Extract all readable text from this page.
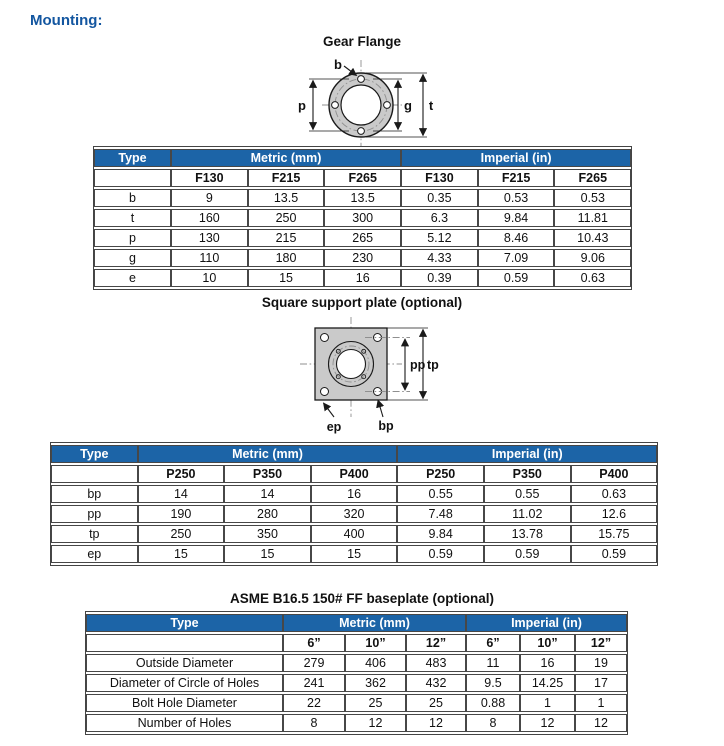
Mounting:
Gear Flange
b
p	g t
Type	Metric (mm)			Imperial (in)		
	F130	F215	F265	F130	F215	F265
b	9	13.5	13.5	0.35	0.53	0.53
t	160	250	300	6.3	9.84	11.81
p	130	215	265	5.12	8.46	10.43
g	110	180	230	4.33	7.09	9.06
e	10	15	16	0.39	0.59	0.63
Square support plate (optional)
pp tp
ep	bp
Type	Metric (mm)			Imperial (in)		
	P250	P350	P400	P250	P350	P400
bp	14	14	16	0.55	0.55	0.63
pp	190	280	320	7.48	11.02	12.6
tp	250	350	400	9.84	13.78	15.75
ep	15	15	15	0.59	0.59	0.59
ASME B16.5 150# FF baseplate (optional)
Type	Metric (mm)			Imperial (in)		
	6”	10”	12”	6”	10”	12”
Outside Diameter	279	406	483	11	16	19
Diameter of Circle of Holes	241	362	432	9.5	14.25	17
Bolt Hole Diameter	22	25	25	0.88	1	1
Number of Holes	8	12	12	8	12	12
